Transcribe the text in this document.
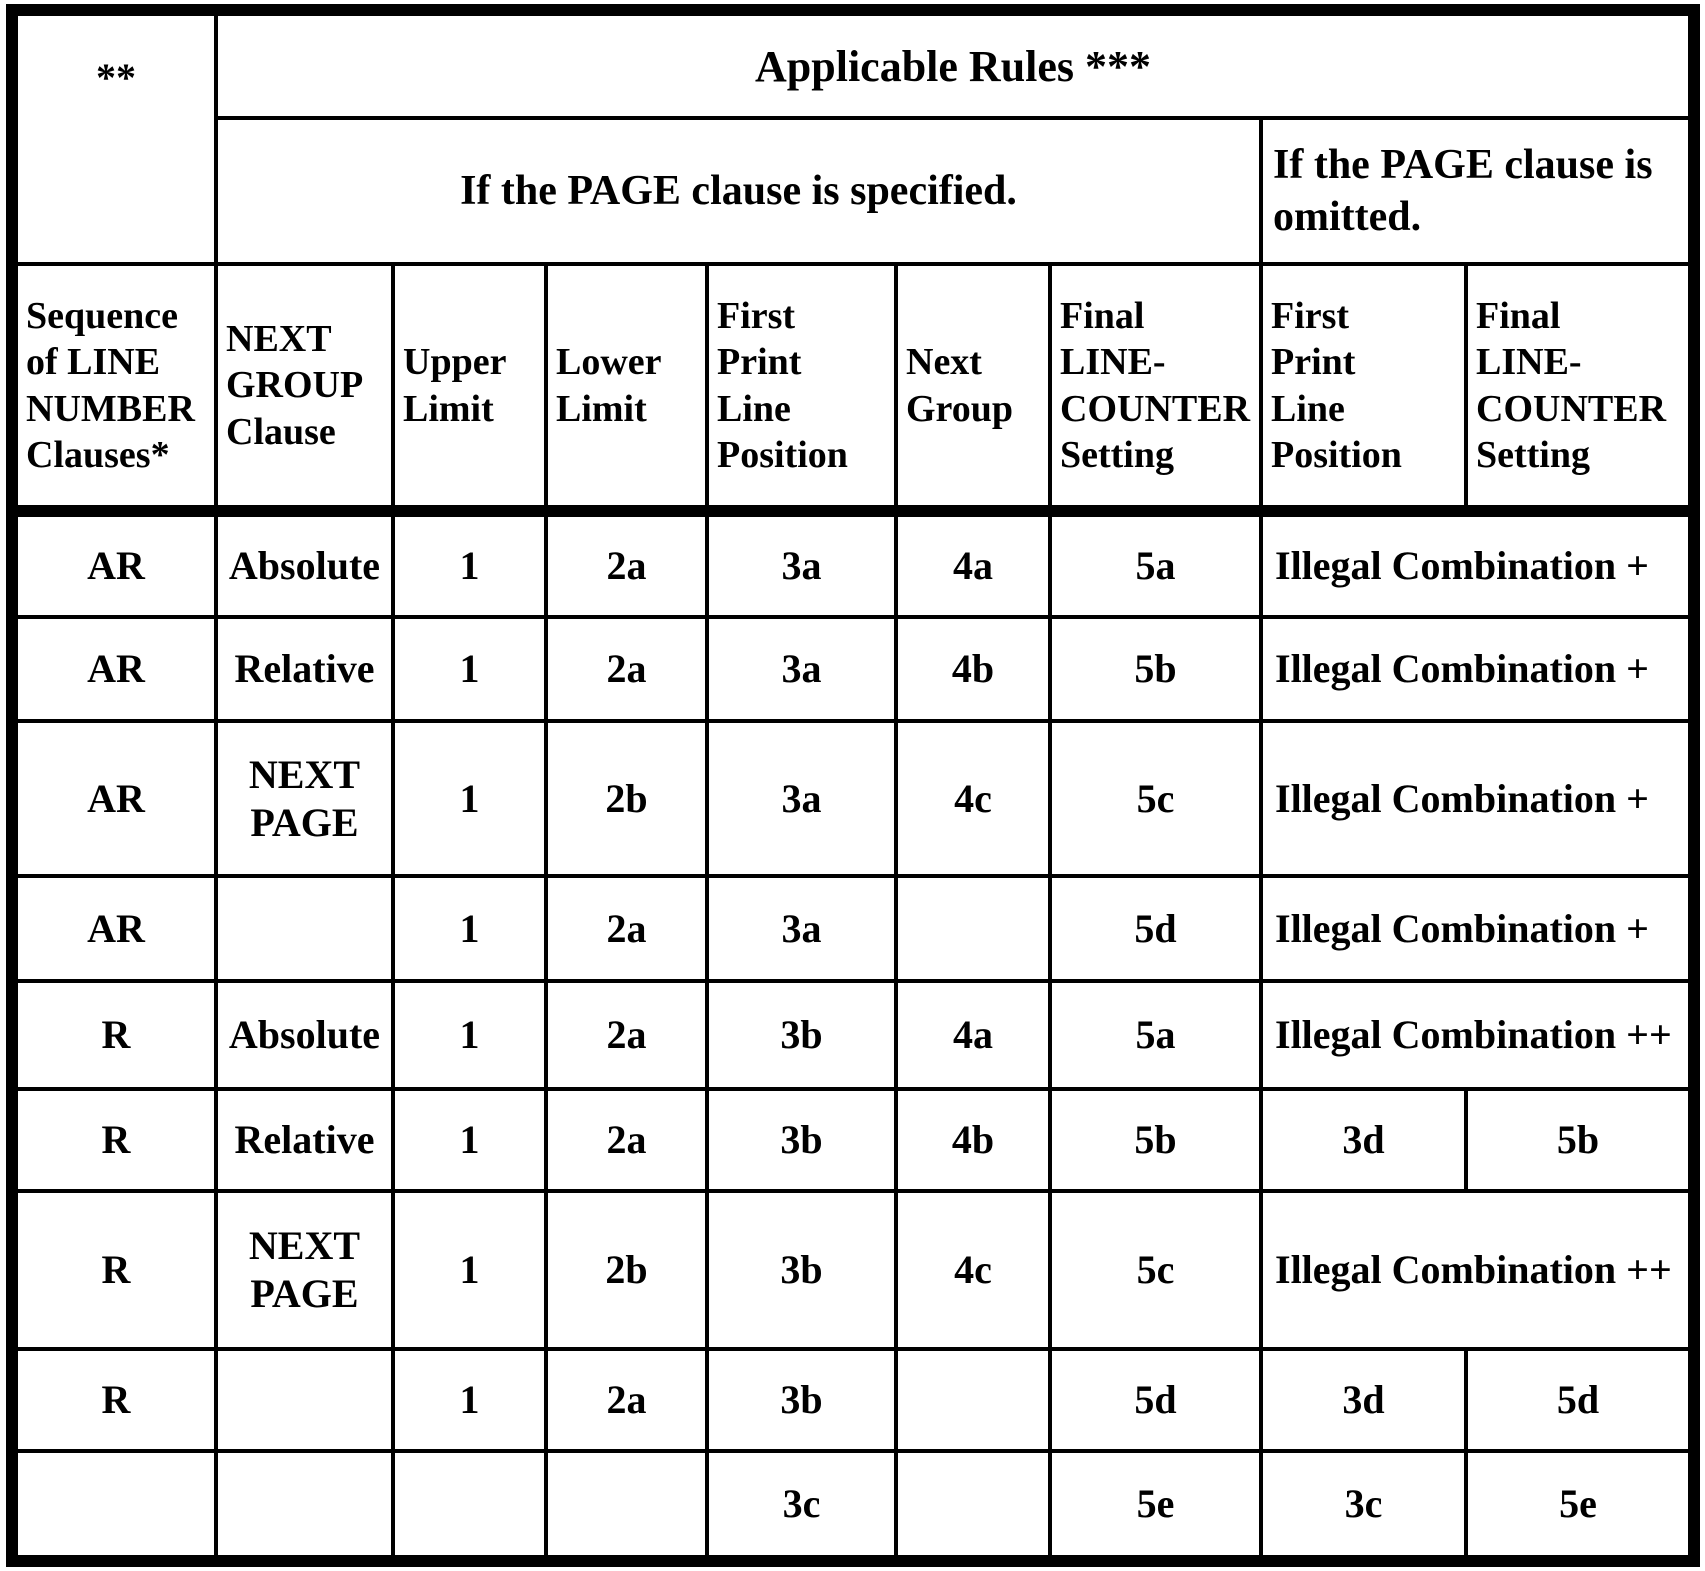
**	Applicable Rules ***							
	If the PAGE clause is specified.						If the PAGE clause is omitted.	
Sequence of LINE NUMBER Clauses*	NEXT GROUP Clause	Upper Limit	Lower Limit	First Print Line Position	Next Group	Final LINE-COUNTER Setting	First Print Line Position	Final LINE-COUNTER Setting
AR	Absolute	1	2a	3a	4a	5a	Illegal Combination +	
AR	Relative	1	2a	3a	4b	5b	Illegal Combination +	
AR	NEXT PAGE	1	2b	3a	4c	5c	Illegal Combination +	
AR		1	2a	3a		5d	Illegal Combination +	
R	Absolute	1	2a	3b	4a	5a	Illegal Combination ++	
R	Relative	1	2a	3b	4b	5b	3d	5b
R	NEXT PAGE	1	2b	3b	4c	5c	Illegal Combination ++	
R		1	2a	3b		5d	3d	5d
				3c		5e	3c	5e
